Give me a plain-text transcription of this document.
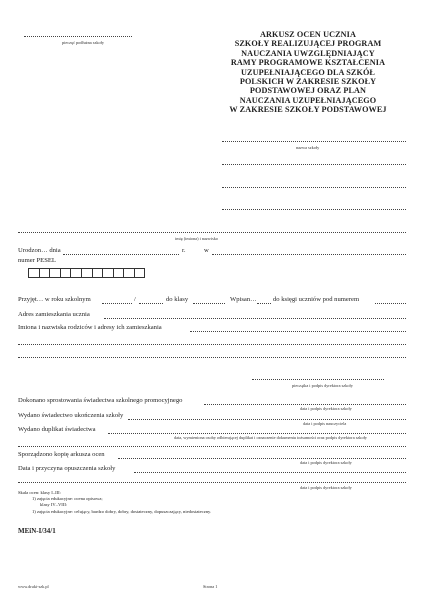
pieczęć podłużna szkoły
ARKUSZ OCEN UCZNIA
SZKOŁY REALIZUJĄCEJ PROGRAM
NAUCZANIA UWZGLĘDNIAJĄCY
RAMY PROGRAMOWE KSZTAŁCENIA
UZUPEŁNIAJĄCEGO DLA SZKÓŁ
POLSKICH W ZAKRESIE SZKOŁY
PODSTAWOWEJ ORAZ PLAN
NAUCZANIA UZUPEŁNIAJĄCEGO
W ZAKRESIE SZKOŁY PODSTAWOWEJ
nazwa szkoły
imię (imiona) i nazwisko
Urodzon… dnia	r.	w
numer PESEL
Przyjęt… w roku szkolnym	/	do klasy	Wpisan… do księgi uczniów pod numerem
Adres zamieszkania ucznia
Imiona i nazwiska rodziców i adresy ich zamieszkania
pieczątka i podpis dyrektora szkoły
Dokonano sprostowania świadectwa szkolnego promocyjnego
data i podpis dyrektora szkoły
Wydano świadectwo ukończenia szkoły
data i podpis nauczyciela
Wydano duplikat świadectwa
data, wymieniona osoby odbierającej duplikat i oznaczenie dokumentu tożsamości oraz podpis dyrektora szkoły
Sporządzono kopię arkusza ocen
data i podpis dyrektora szkoły
Data i przyczyna opuszczenia szkoły
data i podpis dyrektora szkoły
Skala ocen: klasy I–III:
1) zajęcia edukacyjne: ocena opisowa;
klasy IV–VIII:
1) zajęcia edukacyjne: celujący, bardzo dobry, dobry, dostateczny, dopuszczający, niedostateczny.
MEiN-I/34/1
www.druki-szk.pl	Strona 1
